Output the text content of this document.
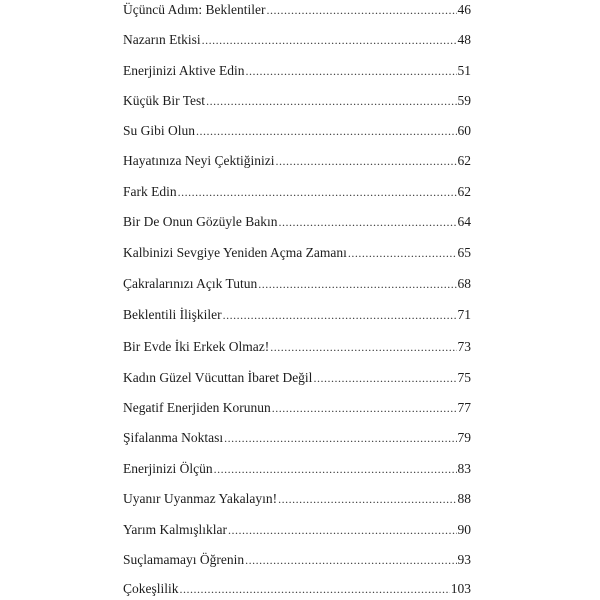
Üçüncü Adım: Beklentiler .....	46
Nazarın Etkisi .....	48
Enerjinizi Aktive Edin .....	51
Küçük Bir Test .....	59
Su Gibi Olun .....	60
Hayatınıza Neyi Çektiğinizi .....	62
Fark Edin .....	62
Bir De Onun Gözüyle Bakın .....	64
Kalbinizi Sevgiye Yeniden Açma Zamanı .....	65
Çakralarınızı Açık Tutun .....	68
Beklentili İlişkiler .....	71
Bir Evde İki Erkek Olmaz! .....	73
Kadın Güzel Vücuttan İbaret Değil .....	75
Negatif Enerjiden Korunun .....	77
Şifalanma Noktası .....	79
Enerjinizi Ölçün .....	83
Uyanır Uyanmaz Yakalayın! .....	88
Yarım Kalmışlıklar .....	90
Suçlamamayı Öğrenin .....	93
Çokeşlilik .....	103
